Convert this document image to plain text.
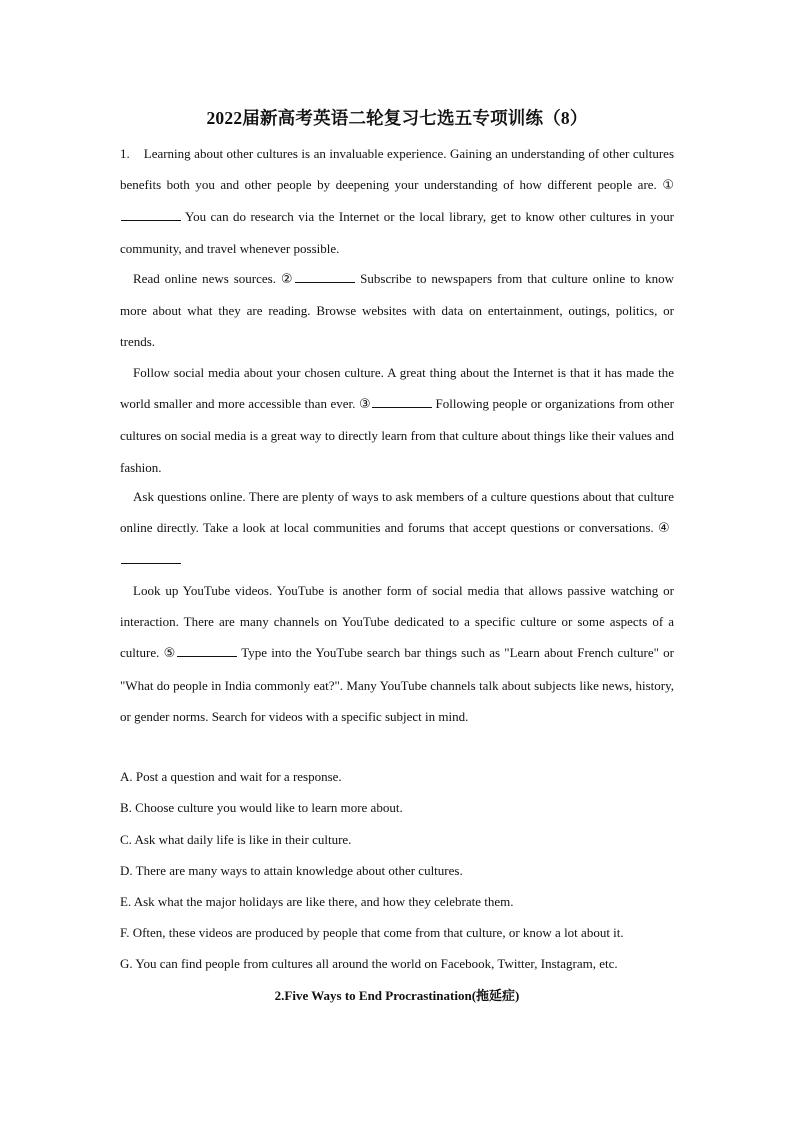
2022届新高考英语二轮复习七选五专项训练（8）
1. Learning about other cultures is an invaluable experience. Gaining an understanding of other cultures benefits both you and other people by deepening your understanding of how different people are. ① You can do research via the Internet or the local library, get to know other cultures in your community, and travel whenever possible.
Read online news sources. ②	Subscribe to newspapers from that culture online to know more about what they are reading. Browse websites with data on entertainment, outings, politics, or trends.
Follow social media about your chosen culture. A great thing about the Internet is that it has made the world smaller and more accessible than ever. ③	Following people or organizations from other cultures on social media is a great way to directly learn from that culture about things like their values and fashion.
Ask questions online. There are plenty of ways to ask members of a culture questions about that culture online directly. Take a look at local communities and forums that accept questions or conversations. ④
Look up YouTube videos. YouTube is another form of social media that allows passive watching or interaction. There are many channels on YouTube dedicated to a specific culture or some aspects of a culture. ⑤	Type into the YouTube search bar things such as "Learn about French culture" or "What do people in India commonly eat?". Many YouTube channels talk about subjects like news, history, or gender norms. Search for videos with a specific subject in mind.
A. Post a question and wait for a response.
B. Choose culture you would like to learn more about.
C. Ask what daily life is like in their culture.
D. There are many ways to attain knowledge about other cultures.
E. Ask what the major holidays are like there, and how they celebrate them.
F. Often, these videos are produced by people that come from that culture, or know a lot about it.
G. You can find people from cultures all around the world on Facebook, Twitter, Instagram, etc.
2.Five Ways to End Procrastination(拖延症)
